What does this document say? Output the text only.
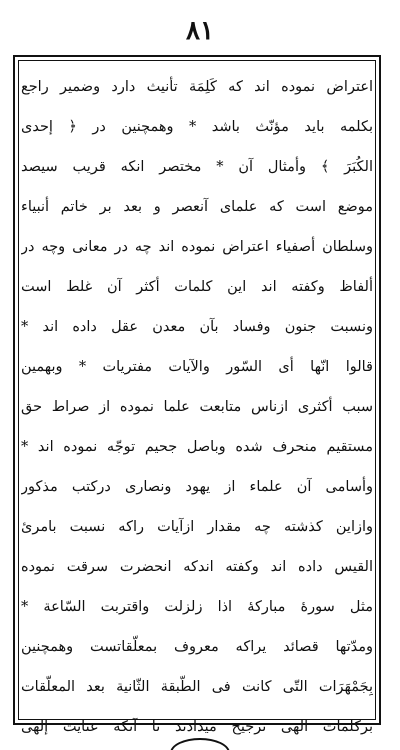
٨١
اعتراض نموده اند که کَلِمَة تأنيث دارد وضمير راجع
بکلمه بايد مؤنّث باشد * وهمچنين در ﴿ إحدى
الكُبَرَ ﴾ وأمثال آن * مختصر انكه قريب سيصد
موضع است كه علماى آنعصر و بعد بر خاتم أنبياء
وسلطان أصفياء اعتراض نموده اند چه در معانى وچه در
ألفاظ وكفته اند اين كلمات أكثر آن غلط است
ونسبت جنون وفساد بآن معدن عقل داده اند *
قالوا انّها أى السّور والآيات مفتريات * وبهمين
سبب أكثرى ازناس متابعت علما نموده از صراط حق
مستقيم منحرف شده وباصل جحيم توجّه نموده اند *
وأسامى آن علماء از يهود ونصارى دركتب مذكور
وازاين كذشته چه مقدار ازآيات راكه نسبت بامرئ
القيس داده اند وكفته اندكه انحضرت سرقت نموده
مثل سورهٔ مباركهٔ اذا زلزلت واقتربت السّاعة *
ومدّتها قصائد يراكه معروف بمعلّقاتست وهمچنين
بِجَمْهَرَات التّى كانت فى الطّبقة الثّانية بعد المعلّقات
بركلمات الهى ترجيح ميدادند تا آنكه عنايت إلهى
